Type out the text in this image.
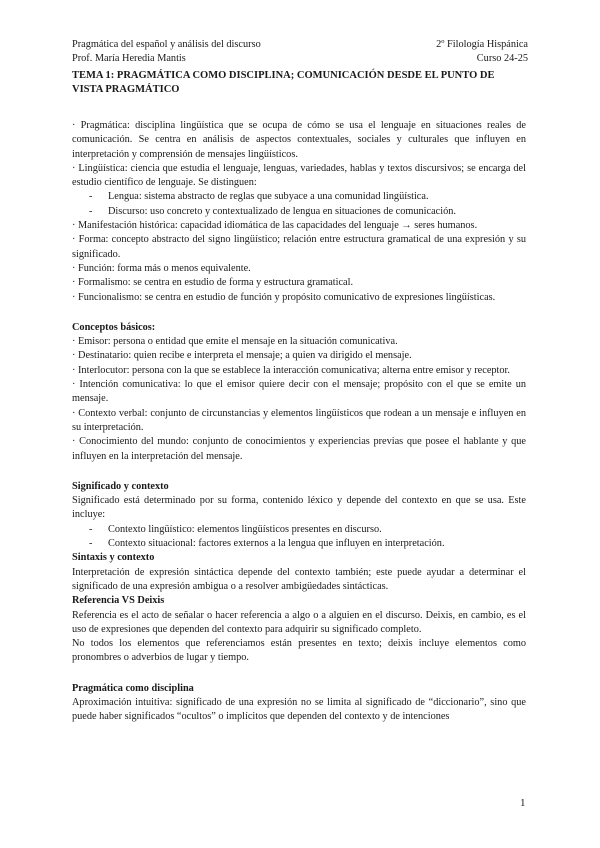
Pragmática del español y análisis del discurso	2º Filología Hispánica
Prof. María Heredia Mantis	Curso 24-25
TEMA 1: PRAGMÁTICA COMO DISCIPLINA; COMUNICACIÓN DESDE EL PUNTO DE VISTA PRAGMÁTICO

· Pragmática: disciplina lingüística que se ocupa de cómo se usa el lenguaje en situaciones reales de comunicación. Se centra en análisis de aspectos contextuales, sociales y culturales que influyen en interpretación y comprensión de mensajes lingüísticos.

· Lingüística: ciencia que estudia el lenguaje, lenguas, variedades, hablas y textos discursivos; se encarga del estudio científico de lenguaje. Se distinguen:

-	Lengua: sistema abstracto de reglas que subyace a una comunidad lingüística.
-	Discurso: uso concreto y contextualizado de lengua en situaciones de comunicación.

· Manifestación histórica: capacidad idiomática de las capacidades del lenguaje → seres humanos.

· Forma: concepto abstracto del signo lingüístico; relación entre estructura gramatical de una expresión y su significado.

· Función: forma más o menos equivalente.

· Formalismo: se centra en estudio de forma y estructura gramatical.

· Funcionalismo: se centra en estudio de función y propósito comunicativo de expresiones lingüísticas.

Conceptos básicos:

· Emisor: persona o entidad que emite el mensaje en la situación comunicativa.

· Destinatario: quien recibe e interpreta el mensaje; a quien va dirigido el mensaje.

· Interlocutor: persona con la que se establece la interacción comunicativa; alterna entre emisor y receptor.

· Intención comunicativa: lo que el emisor quiere decir con el mensaje; propósito con el que se emite un mensaje.

· Contexto verbal: conjunto de circunstancias y elementos lingüísticos que rodean a un mensaje e influyen en su interpretación.

· Conocimiento del mundo: conjunto de conocimientos y experiencias previas que posee el hablante y que influyen en la interpretación del mensaje.

Significado y contexto

Significado está determinado por su forma, contenido léxico y depende del contexto en que se usa. Este incluye:

-	Contexto lingüístico: elementos lingüísticos presentes en discurso.
-	Contexto situacional: factores externos a la lengua que influyen en interpretación.
Sintaxis y contexto

Interpretación de expresión sintáctica depende del contexto también; este puede ayudar a determinar el significado de una expresión ambigua o a resolver ambigüedades sintácticas.

Referencia VS Deixis

Referencia es el acto de señalar o hacer referencia a algo o a alguien en el discurso. Deixis, en cambio, es el uso de expresiones que dependen del contexto para adquirir su significado completo.

No todos los elementos que referenciamos están presentes en texto; deixis incluye elementos como pronombres o adverbios de lugar y tiempo.

Pragmática como disciplina

Aproximación intuitiva: significado de una expresión no se limita al significado de “diccionario”, sino que puede haber significados “ocultos” o implícitos que dependen del contexto y de intenciones

1
